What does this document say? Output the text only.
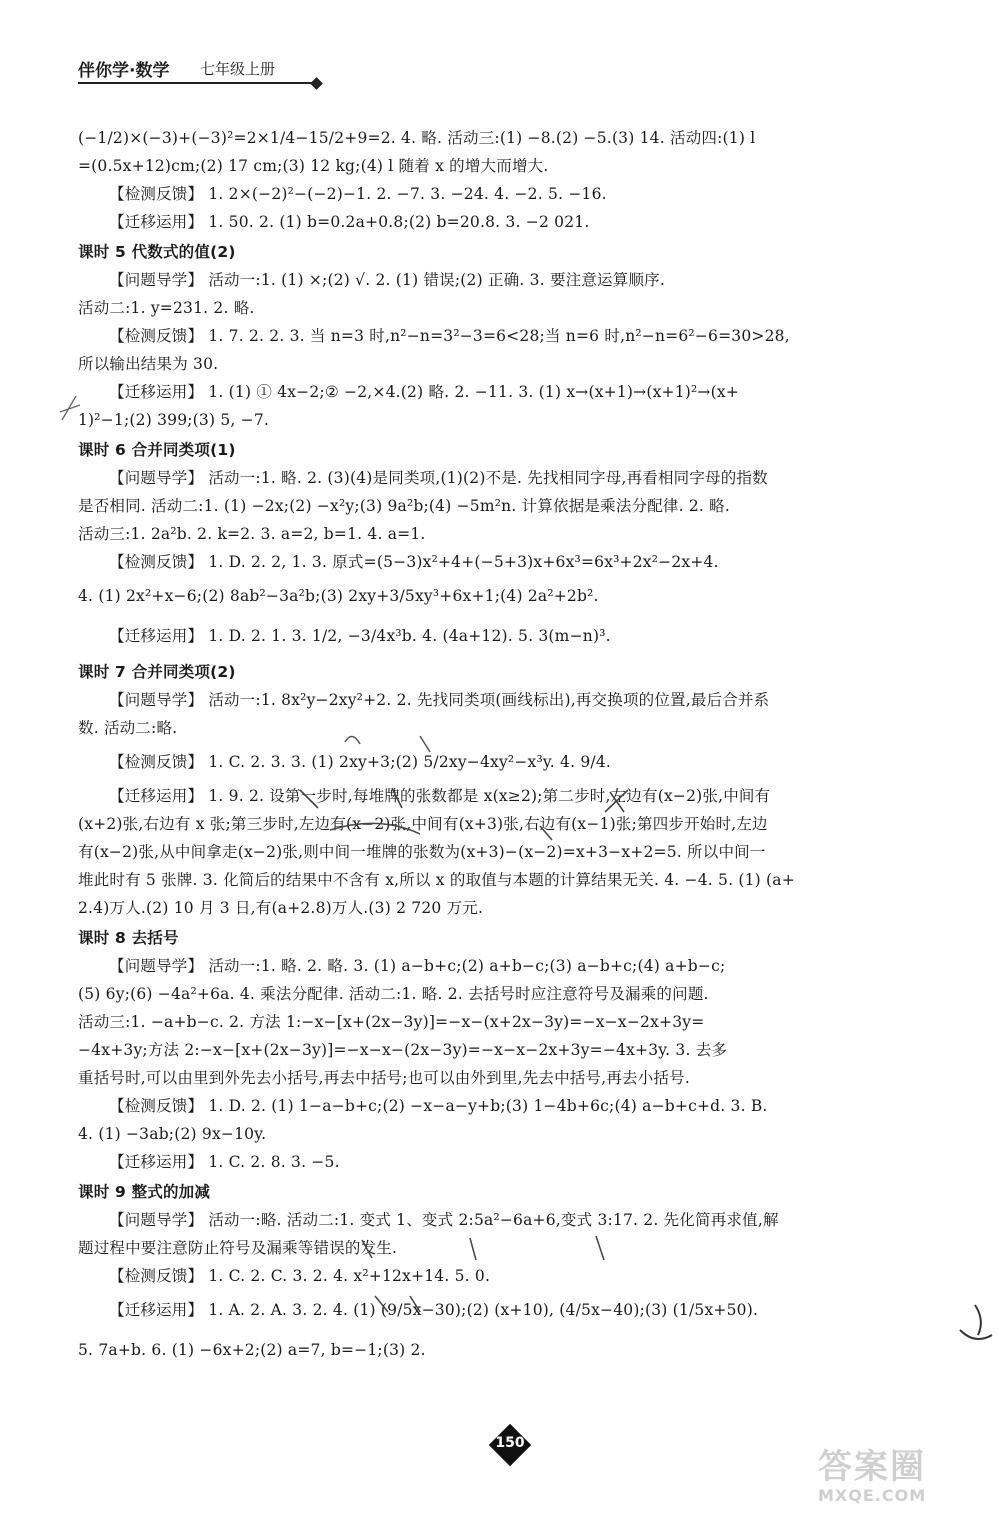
伴你学·数学 七年级上册

(−1/2)×(−3)+(−3)²=2×1/4−15/2+9=2. 4. 略. 活动三:(1) −8.(2) −5.(3) 14. 活动四:(1) l

=(0.5x+12)cm;(2) 17 cm;(3) 12 kg;(4) l 随着 x 的增大而增大.

【检测反馈】 1. 2×(−2)²−(−2)−1. 2. −7. 3. −24. 4. −2. 5. −16.

【迁移运用】 1. 50. 2. (1) b=0.2a+0.8;(2) b=20.8. 3. −2 021.

课时 5 代数式的值(2)

【问题导学】 活动一:1. (1) ×;(2) √. 2. (1) 错误;(2) 正确. 3. 要注意运算顺序.

活动二:1. y=231. 2. 略.

【检测反馈】 1. 7. 2. 2. 3. 当 n=3 时,n²−n=3²−3=6<28;当 n=6 时,n²−n=6²−6=30>28,

所以输出结果为 30.

【迁移运用】 1. (1) ① 4x−2;② −2,×4.(2) 略. 2. −11. 3. (1) x→(x+1)→(x+1)²→(x+

1)²−1;(2) 399;(3) 5, −7.

课时 6 合并同类项(1)

【问题导学】 活动一:1. 略. 2. (3)(4)是同类项,(1)(2)不是. 先找相同字母,再看相同字母的指数

是否相同. 活动二:1. (1) −2x;(2) −x²y;(3) 9a²b;(4) −5m²n. 计算依据是乘法分配律. 2. 略.

活动三:1. 2a²b. 2. k=2. 3. a=2, b=1. 4. a=1.

【检测反馈】 1. D. 2. 2, 1. 3. 原式=(5−3)x²+4+(−5+3)x+6x³=6x³+2x²−2x+4.

4. (1) 2x²+x−6;(2) 8ab²−3a²b;(3) 2xy+3/5xy³+6x+1;(4) 2a²+2b².

【迁移运用】 1. D. 2. 1. 3. 1/2, −3/4x³b. 4. (4a+12). 5. 3(m−n)³.

课时 7 合并同类项(2)

【问题导学】 活动一:1. 8x²y−2xy²+2. 2. 先找同类项(画线标出),再交换项的位置,最后合并系

数. 活动二:略.

【检测反馈】 1. C. 2. 3. 3. (1) 2xy+3;(2) 5/2xy−4xy²−x³y. 4. 9/4.

【迁移运用】 1. 9. 2. 设第一步时,每堆牌的张数都是 x(x≥2);第二步时,左边有(x−2)张,中间有

(x+2)张,右边有 x 张;第三步时,左边有(x−2)张,中间有(x+3)张,右边有(x−1)张;第四步开始时,左边

有(x−2)张,从中间拿走(x−2)张,则中间一堆牌的张数为(x+3)−(x−2)=x+3−x+2=5. 所以中间一

堆此时有 5 张牌. 3. 化简后的结果中不含有 x,所以 x 的取值与本题的计算结果无关. 4. −4. 5. (1) (a+

2.4)万人.(2) 10 月 3 日,有(a+2.8)万人.(3) 2 720 万元.

课时 8 去括号

【问题导学】 活动一:1. 略. 2. 略. 3. (1) a−b+c;(2) a+b−c;(3) a−b+c;(4) a+b−c;

(5) 6y;(6) −4a²+6a. 4. 乘法分配律. 活动二:1. 略. 2. 去括号时应注意符号及漏乘的问题.

活动三:1. −a+b−c. 2. 方法 1:−x−[x+(2x−3y)]=−x−(x+2x−3y)=−x−x−2x+3y=

−4x+3y;方法 2:−x−[x+(2x−3y)]=−x−x−(2x−3y)=−x−x−2x+3y=−4x+3y. 3. 去多

重括号时,可以由里到外先去小括号,再去中括号;也可以由外到里,先去中括号,再去小括号.

【检测反馈】 1. D. 2. (1) 1−a−b+c;(2) −x−a−y+b;(3) 1−4b+6c;(4) a−b+c+d. 3. B.

4. (1) −3ab;(2) 9x−10y.

【迁移运用】 1. C. 2. 8. 3. −5.

课时 9 整式的加减

【问题导学】 活动一:略. 活动二:1. 变式 1、变式 2:5a²−6a+6,变式 3:17. 2. 先化简再求值,解

题过程中要注意防止符号及漏乘等错误的发生.

【检测反馈】 1. C. 2. C. 3. 2. 4. x²+12x+14. 5. 0.

【迁移运用】 1. A. 2. A. 3. 2. 4. (1) (9/5x−30);(2) (x+10), (4/5x−40);(3) (1/5x+50).

5. 7a+b. 6. (1) −6x+2;(2) a=7, b=−1;(3) 2.

150
答案圈
MXQE.COM
